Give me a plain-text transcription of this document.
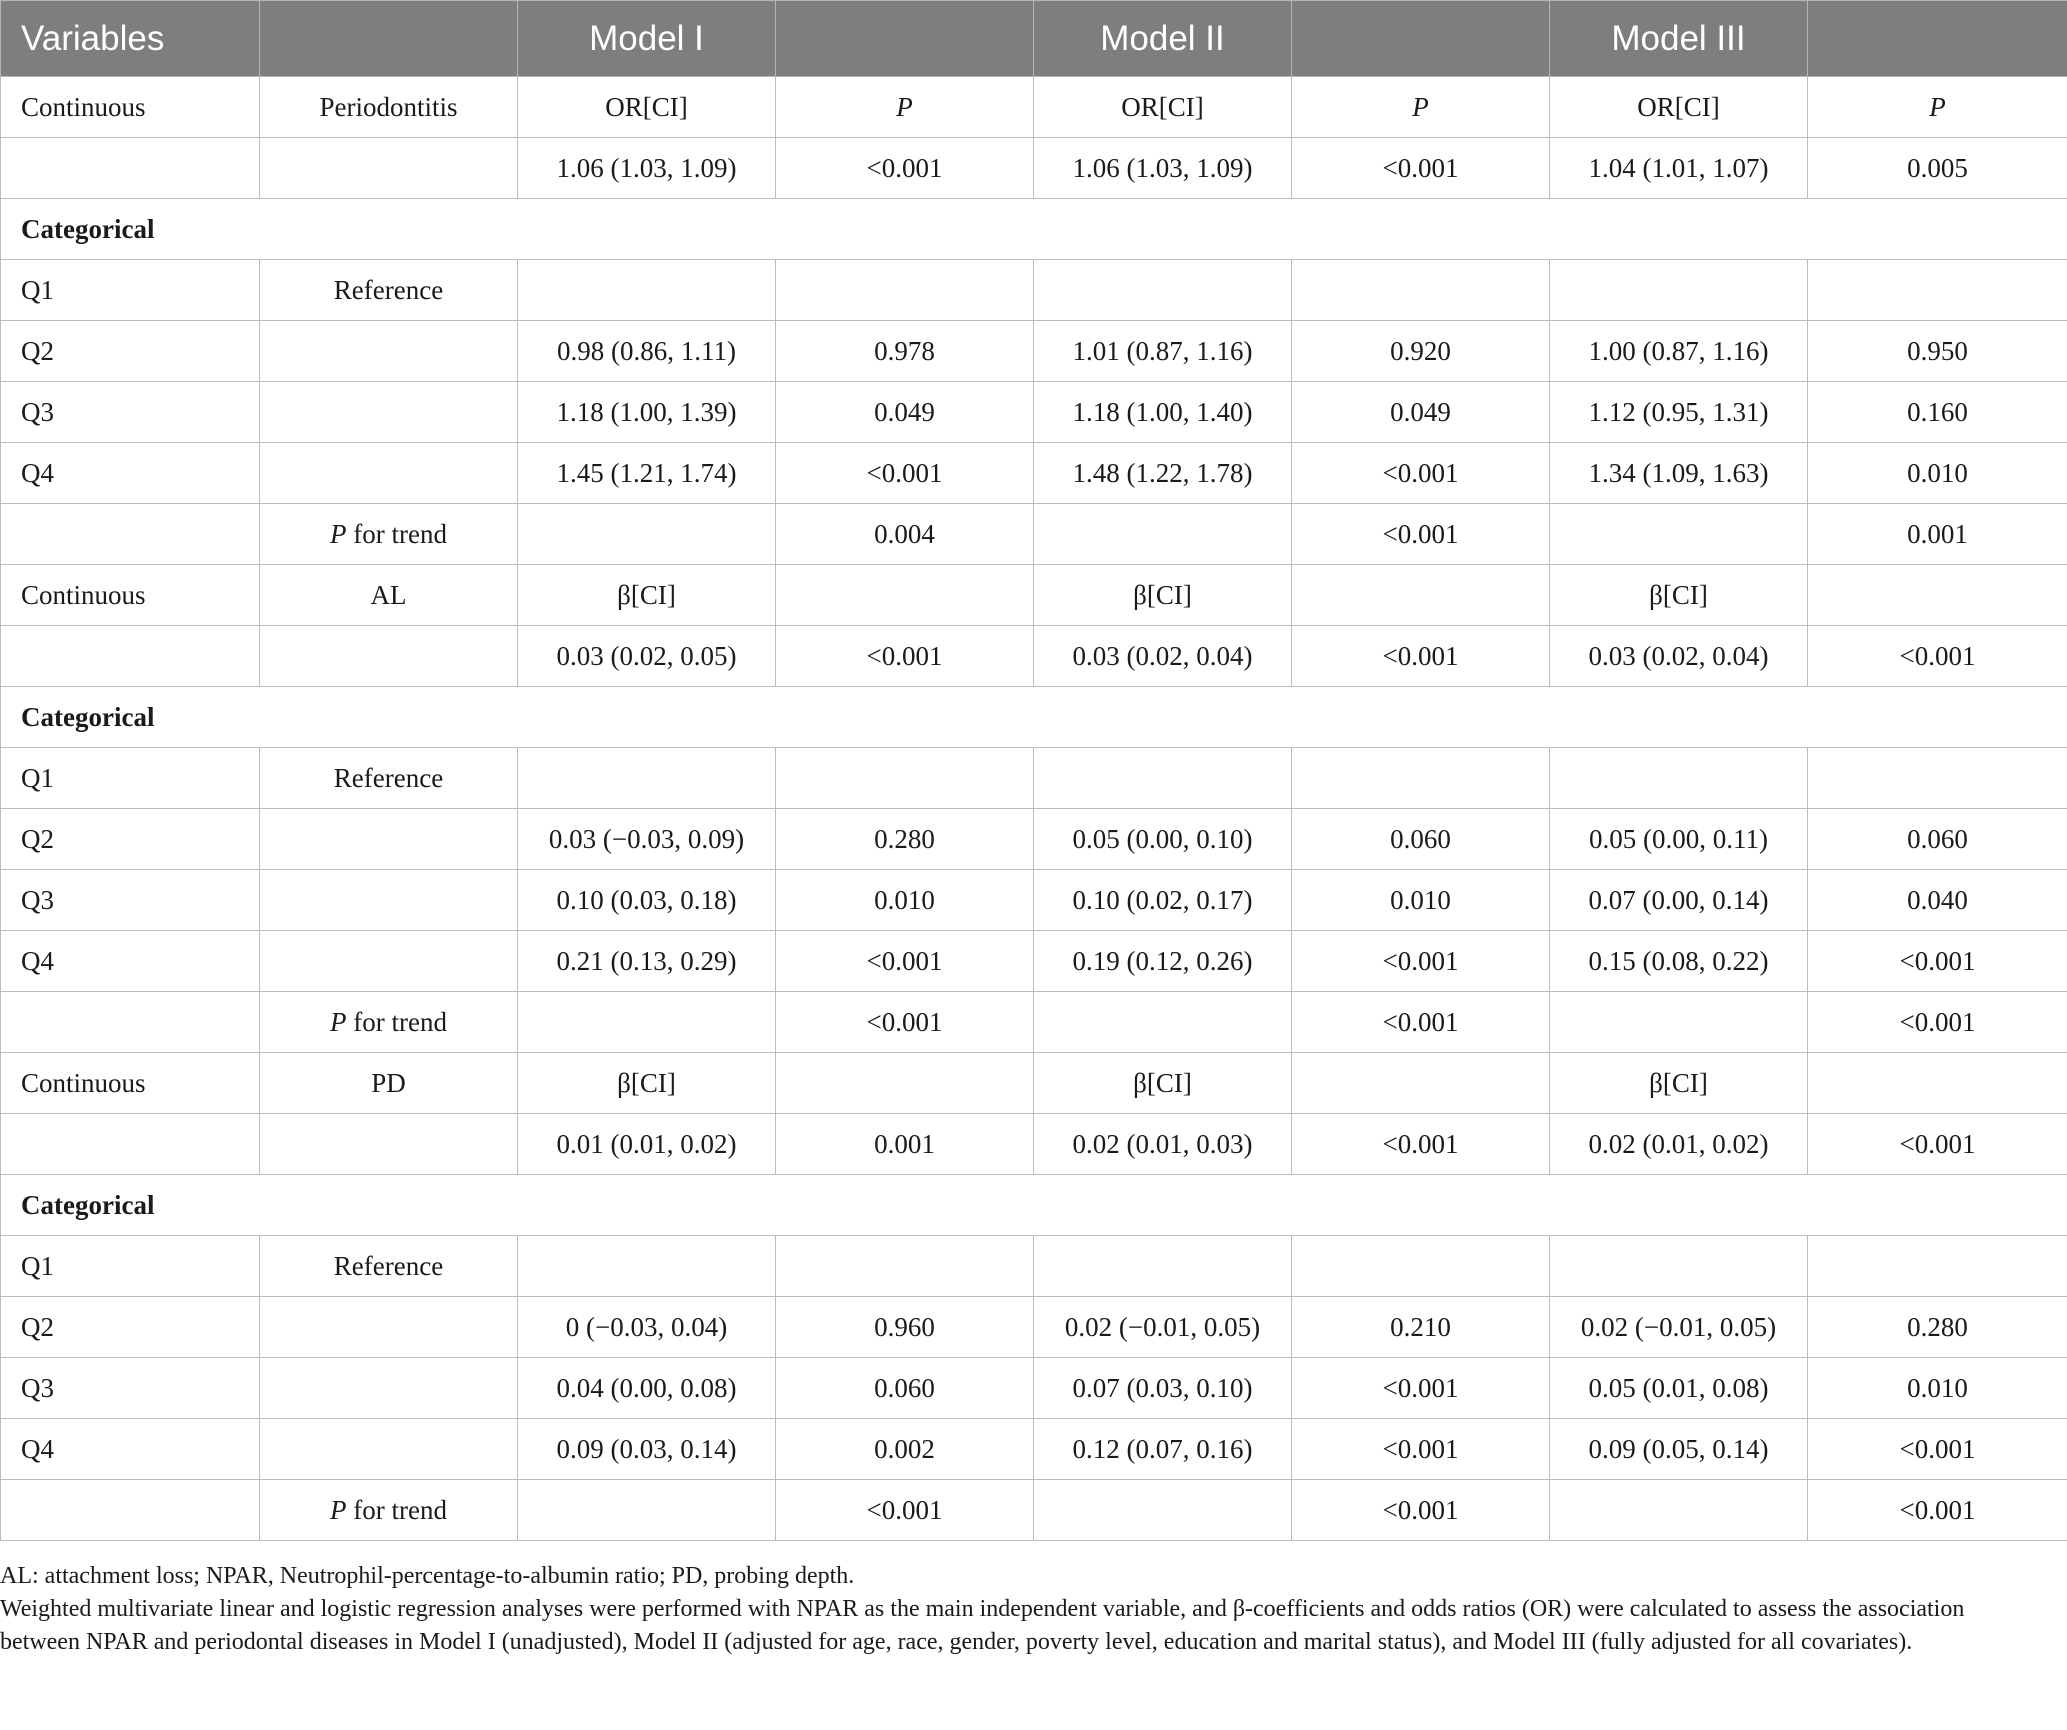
Variables		Model I		Model II		Model III	
Continuous	Periodontitis	OR[CI]	P	OR[CI]	P	OR[CI]	P
		1.06 (1.03, 1.09)	<0.001	1.06 (1.03, 1.09)	<0.001	1.04 (1.01, 1.07)	0.005
Categorical							
Q1	Reference						
Q2		0.98 (0.86, 1.11)	0.978	1.01 (0.87, 1.16)	0.920	1.00 (0.87, 1.16)	0.950
Q3		1.18 (1.00, 1.39)	0.049	1.18 (1.00, 1.40)	0.049	1.12 (0.95, 1.31)	0.160
Q4		1.45 (1.21, 1.74)	<0.001	1.48 (1.22, 1.78)	<0.001	1.34 (1.09, 1.63)	0.010
	P for trend		0.004		<0.001		0.001
Continuous	AL	β[CI]		β[CI]		β[CI]	
		0.03 (0.02, 0.05)	<0.001	0.03 (0.02, 0.04)	<0.001	0.03 (0.02, 0.04)	<0.001
Categorical							
Q1	Reference						
Q2		0.03 (−0.03, 0.09)	0.280	0.05 (0.00, 0.10)	0.060	0.05 (0.00, 0.11)	0.060
Q3		0.10 (0.03, 0.18)	0.010	0.10 (0.02, 0.17)	0.010	0.07 (0.00, 0.14)	0.040
Q4		0.21 (0.13, 0.29)	<0.001	0.19 (0.12, 0.26)	<0.001	0.15 (0.08, 0.22)	<0.001
	P for trend		<0.001		<0.001		<0.001
Continuous	PD	β[CI]		β[CI]		β[CI]	
		0.01 (0.01, 0.02)	0.001	0.02 (0.01, 0.03)	<0.001	0.02 (0.01, 0.02)	<0.001
Categorical							
Q1	Reference						
Q2		0 (−0.03, 0.04)	0.960	0.02 (−0.01, 0.05)	0.210	0.02 (−0.01, 0.05)	0.280
Q3		0.04 (0.00, 0.08)	0.060	0.07 (0.03, 0.10)	<0.001	0.05 (0.01, 0.08)	0.010
Q4		0.09 (0.03, 0.14)	0.002	0.12 (0.07, 0.16)	<0.001	0.09 (0.05, 0.14)	<0.001
	P for trend		<0.001		<0.001		<0.001

AL: attachment loss; NPAR, Neutrophil-percentage-to-albumin ratio; PD, probing depth.

Weighted multivariate linear and logistic regression analyses were performed with NPAR as the main independent variable, and β-coefficients and odds ratios (OR) were calculated to assess the association between NPAR and periodontal diseases in Model I (unadjusted), Model II (adjusted for age, race, gender, poverty level, education and marital status), and Model III (fully adjusted for all covariates).
